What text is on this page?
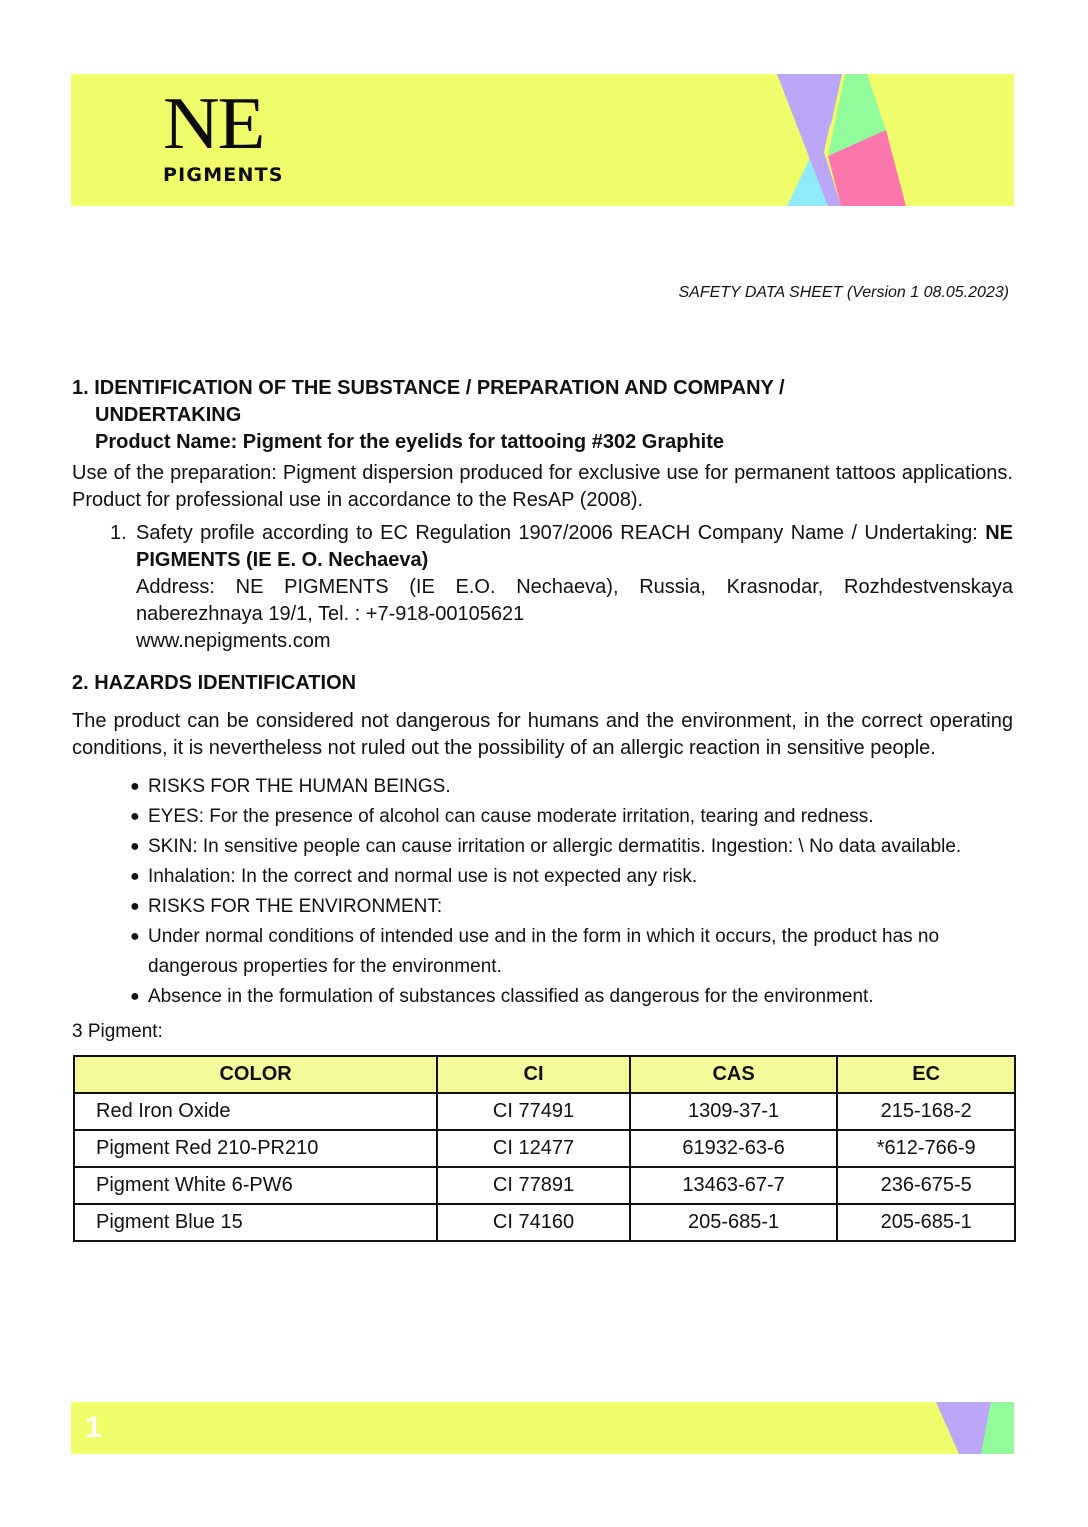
NE
PIGMENTS
SAFETY DATA SHEET (Version 1 08.05.2023)
1. IDENTIFICATION OF THE SUBSTANCE / PREPARATION AND COMPANY /
UNDERTAKING
Product Name: Pigment for the eyelids for tattooing #302 Graphite
Use of the preparation: Pigment dispersion produced for exclusive use for permanent tattoos applications. Product for professional use in accordance to the ResAP (2008).
1. Safety profile according to EC Regulation 1907/2006 REACH Company Name / Undertaking: NE PIGMENTS (IE E. O. Nechaeva)
Address: NE PIGMENTS (IE E.O. Nechaeva), Russia, Krasnodar, Rozhdestvenskaya naberezhnaya 19/1, Tel. : +7-918-00105621
www.nepigments.com
2. HAZARDS IDENTIFICATION
The product can be considered not dangerous for humans and the environment, in the correct operating conditions, it is nevertheless not ruled out the possibility of an allergic reaction in sensitive people.
● RISKS FOR THE HUMAN BEINGS.
● EYES: For the presence of alcohol can cause moderate irritation, tearing and redness.
● SKIN: In sensitive people can cause irritation or allergic dermatitis. Ingestion: \ No data available.
● Inhalation: In the correct and normal use is not expected any risk.
● RISKS FOR THE ENVIRONMENT:
● Under normal conditions of intended use and in the form in which it occurs, the product has no dangerous properties for the environment.
● Absence in the formulation of substances classified as dangerous for the environment.
3 Pigment:
COLOR	CI	CAS	EC
Red Iron Oxide	CI 77491	1309-37-1	215-168-2
Pigment Red 210-PR210	CI 12477	61932-63-6	*612-766-9
Pigment White 6-PW6	CI 77891	13463-67-7	236-675-5
Pigment Blue 15	CI 74160	205-685-1	205-685-1
1
